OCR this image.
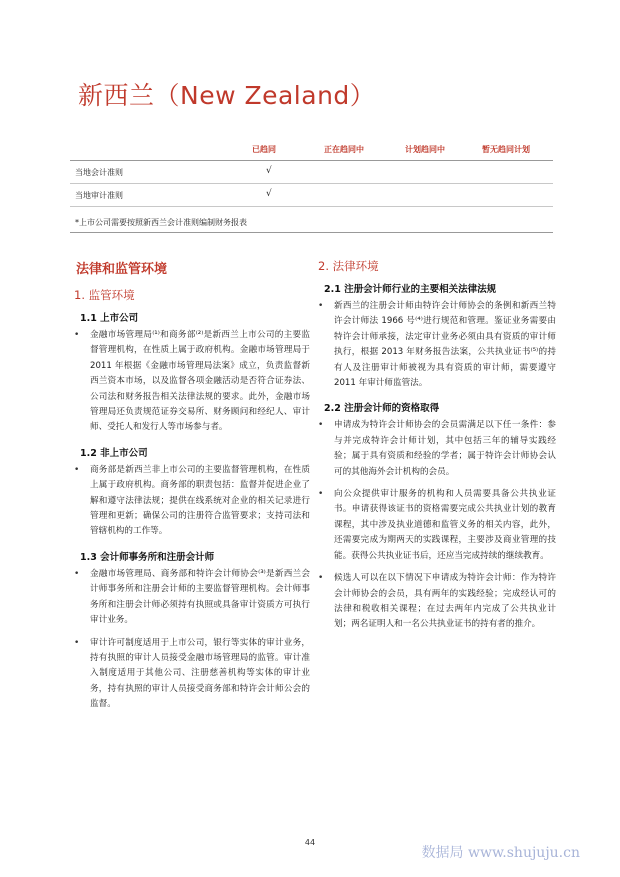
新西兰（New Zealand）
已趋同	正在趋同中	计划趋同中	暂无趋同计划
当地会计准则	√
当地审计准则	√
*上市公司需要按照新西兰会计准则编制财务报表
法律和监管环境
1. 监管环境
1.1 上市公司
• 金融市场管理局⁽¹⁾和商务部⁽²⁾是新西兰上市公司的主要监督管理机构，在性质上属于政府机构。金融市场管理局于 2011 年根据《金融市场管理局法案》成立，负责监督新西兰资本市场，以及监督各项金融活动是否符合证券法、公司法和财务报告相关法律法规的要求。此外，金融市场管理局还负责规范证券交易所、财务顾问和经纪人、审计师、受托人和发行人等市场参与者。
1.2 非上市公司
• 商务部是新西兰非上市公司的主要监督管理机构，在性质上属于政府机构。商务部的职责包括：监督并促进企业了解和遵守法律法规；提供在线系统对企业的相关记录进行管理和更新；确保公司的注册符合监管要求；支持司法和管辖机构的工作等。
1.3 会计师事务所和注册会计师
• 金融市场管理局、商务部和特许会计师协会⁽³⁾是新西兰会计师事务所和注册会计师的主要监督管理机构。会计师事务所和注册会计师必须持有执照或具备审计资质方可执行审计业务。
• 审计许可制度适用于上市公司，银行等实体的审计业务，持有执照的审计人员接受金融市场管理局的监管。审计准入制度适用于其他公司、注册慈善机构等实体的审计业务，持有执照的审计人员接受商务部和特许会计师公会的监督。
2. 法律环境
2.1 注册会计师行业的主要相关法律法规
• 新西兰的注册会计师由特许会计师协会的条例和新西兰特许会计师法 1966 号⁽⁴⁾进行规范和管理。鉴证业务需要由特许会计师承接，法定审计业务必须由具有资质的审计师执行，根据 2013 年财务报告法案，公共执业证书⁽⁵⁾的持有人及注册审计师被视为具有资质的审计师，需要遵守 2011 年审计师监管法。
2.2 注册会计师的资格取得
• 申请成为特许会计师协会的会员需满足以下任一条件：参与并完成特许会计师计划，其中包括三年的辅导实践经验；属于具有资质和经验的学者；属于特许会计师协会认可的其他海外会计机构的会员。
• 向公众提供审计服务的机构和人员需要具备公共执业证书。申请获得该证书的资格需要完成公共执业计划的教育课程，其中涉及执业道德和监管义务的相关内容，此外，还需要完成为期两天的实践课程，主要涉及商业管理的技能。获得公共执业证书后，还应当完成持续的继续教育。
• 候选人可以在以下情况下申请成为特许会计师：作为特许会计师协会的会员，具有两年的实践经验；完成经认可的法律和税收相关课程；在过去两年内完成了公共执业计划；两名证明人和一名公共执业证书的持有者的推介。
44
数据局 www.shujuju.cn
